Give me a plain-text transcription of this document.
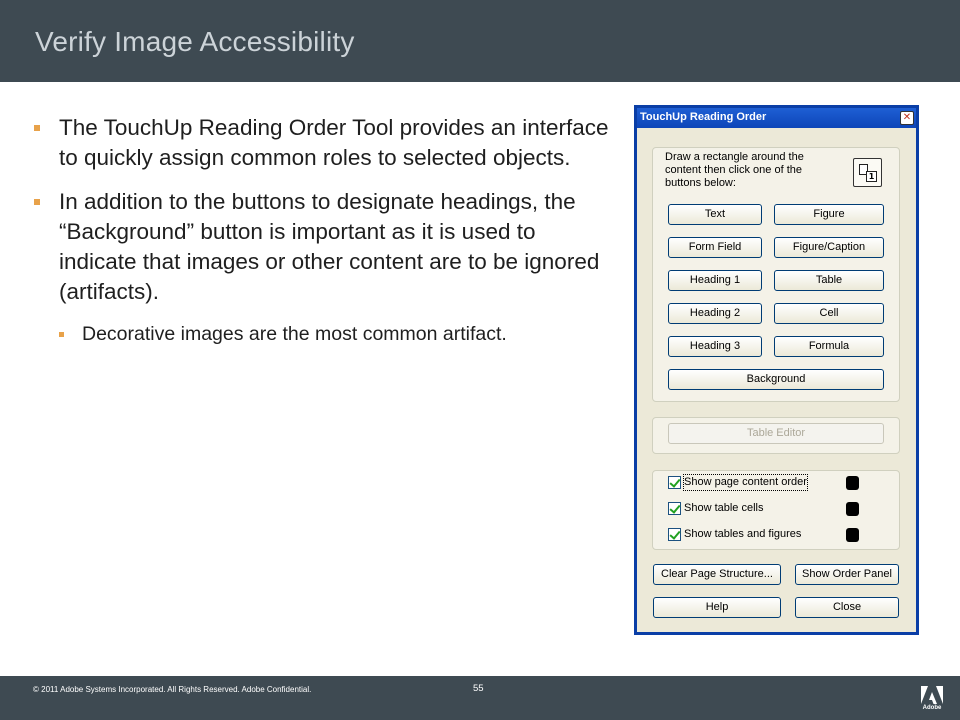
Verify Image Accessibility
The TouchUp Reading Order Tool provides an interface to quickly assign common roles to selected objects.
In addition to the buttons to designate headings, the “Background” button is important as it is used to indicate that images or other content are to be ignored (artifacts).
Decorative images are the most common artifact.
TouchUp Reading Order	✕
Draw a rectangle around the content then click one of the buttons below:
1
Text	Figure
Form Field	Figure/Caption
Heading 1	Table
Heading 2	Cell
Heading 3	Formula
Background
Table Editor
Show page content order
Show table cells
Show tables and figures
Clear Page Structure...	Show Order Panel
Help	Close
© 2011 Adobe Systems Incorporated. All Rights Reserved. Adobe Confidential.	55
Adobe
